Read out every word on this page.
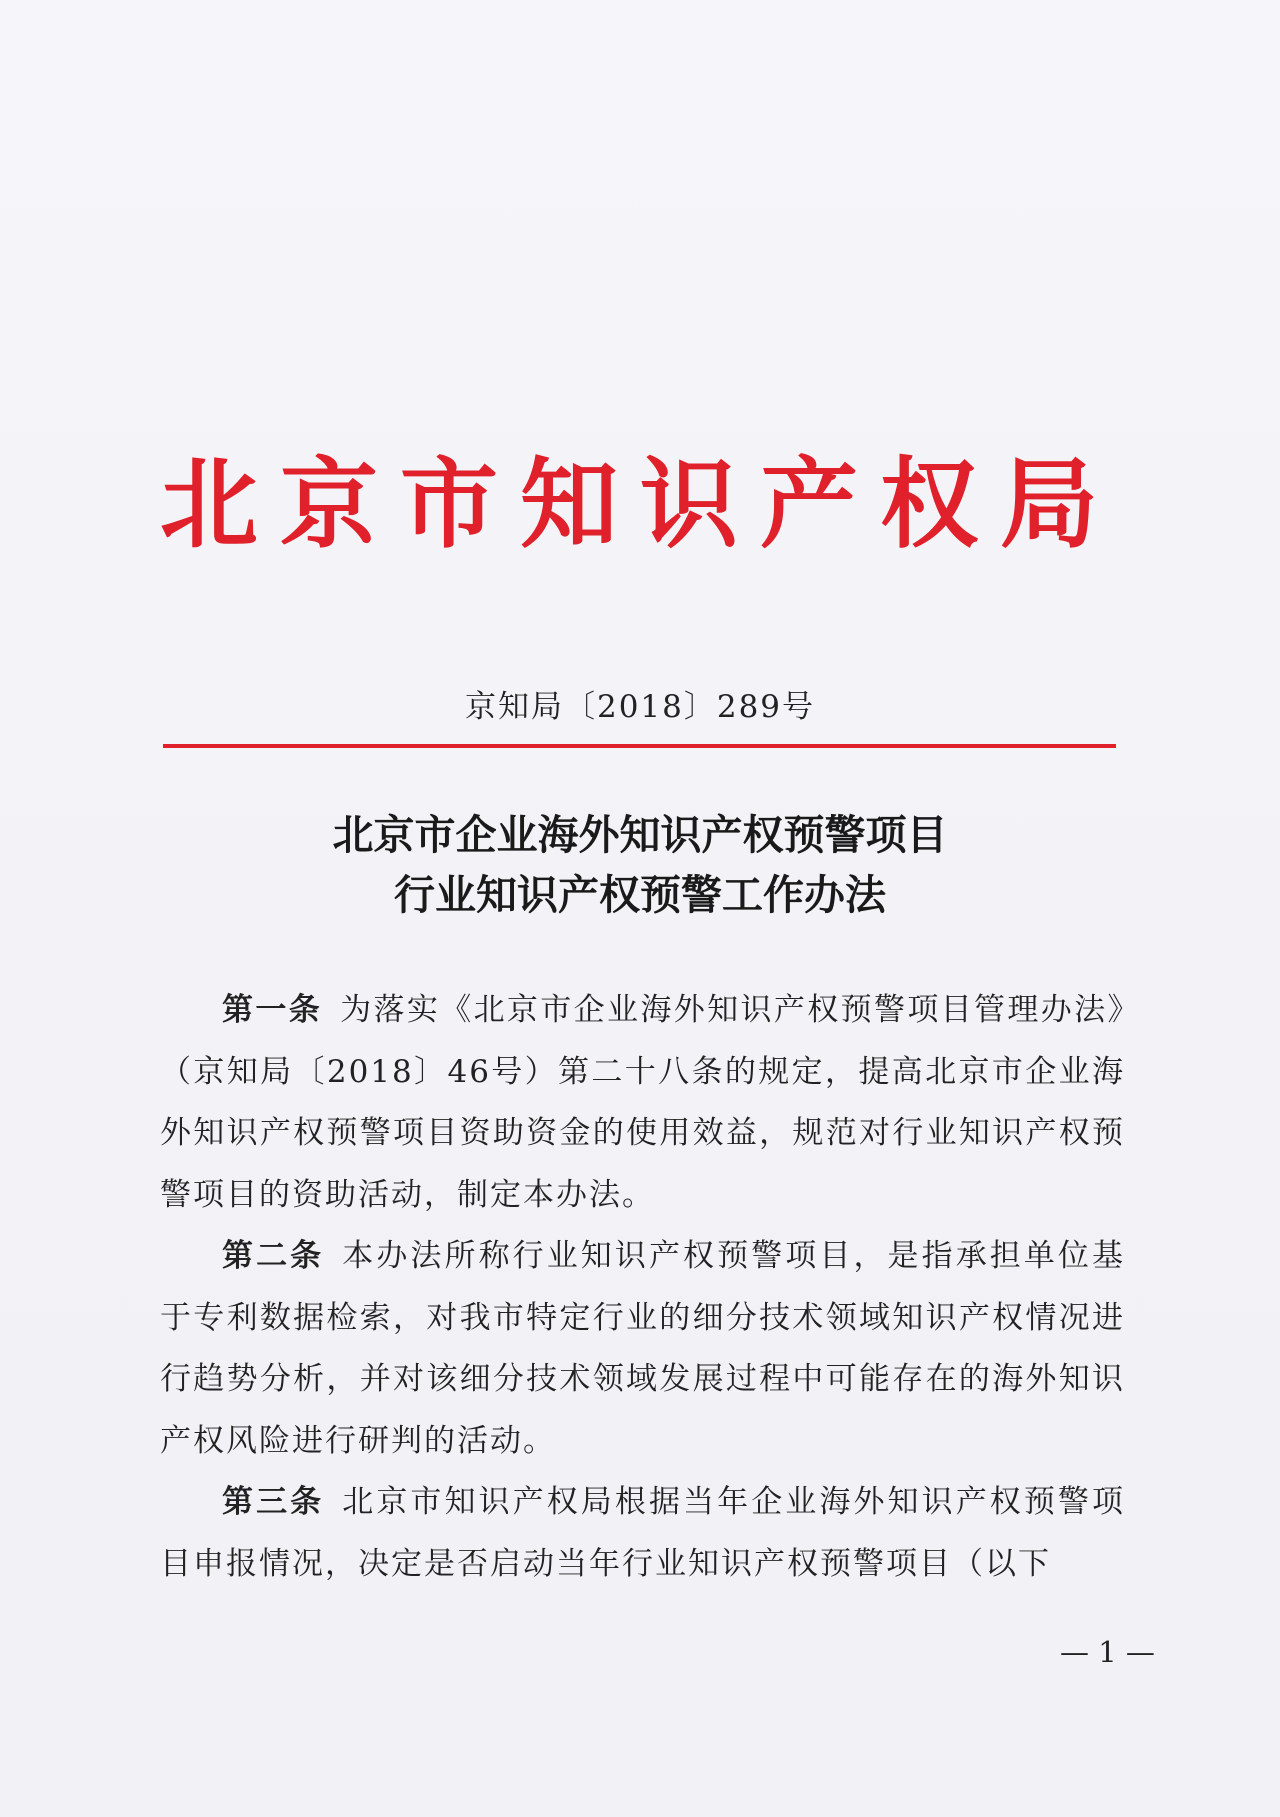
北京市知识产权局
京知局〔2018〕289号
北京市企业海外知识产权预警项目
行业知识产权预警工作办法

第一条 为落实《北京市企业海外知识产权预警项目管理办法》（京知局〔2018〕46号）第二十八条的规定，提高北京市企业海外知识产权预警项目资助资金的使用效益，规范对行业知识产权预警项目的资助活动，制定本办法。

第二条 本办法所称行业知识产权预警项目，是指承担单位基于专利数据检索，对我市特定行业的细分技术领域知识产权情况进行趋势分析，并对该细分技术领域发展过程中可能存在的海外知识产权风险进行研判的活动。

第三条 北京市知识产权局根据当年企业海外知识产权预警项目申报情况，决定是否启动当年行业知识产权预警项目（以下

— 1 —
